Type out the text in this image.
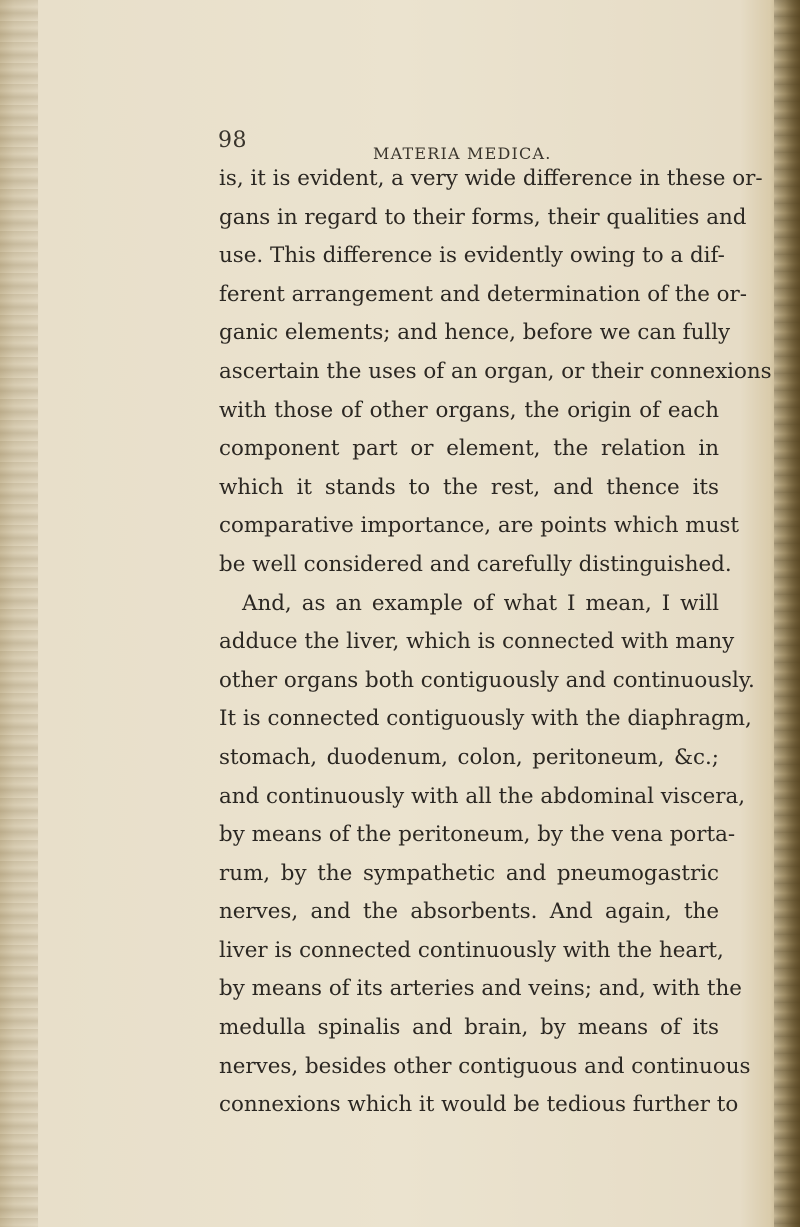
98
MATERIA MEDICA.
is, it is evident, a very wide difference in these or-
gans in regard to their forms, their qualities and
use. This difference is evidently owing to a dif-
ferent arrangement and determination of the or-
ganic elements; and hence, before we can fully
ascertain the uses of an organ, or their connexions
with those of other organs, the origin of each
component part or element, the relation in
which it stands to the rest, and thence its
comparative importance, are points which must
be well considered and carefully distinguished.
And, as an example of what I mean, I will
adduce the liver, which is connected with many
other organs both contiguously and continuously.
It is connected contiguously with the diaphragm,
stomach, duodenum, colon, peritoneum, &c.;
and continuously with all the abdominal viscera,
by means of the peritoneum, by the vena porta-
rum, by the sympathetic and pneumogastric
nerves, and the absorbents. And again, the
liver is connected continuously with the heart,
by means of its arteries and veins; and, with the
medulla spinalis and brain, by means of its
nerves, besides other contiguous and continuous
connexions which it would be tedious further to
